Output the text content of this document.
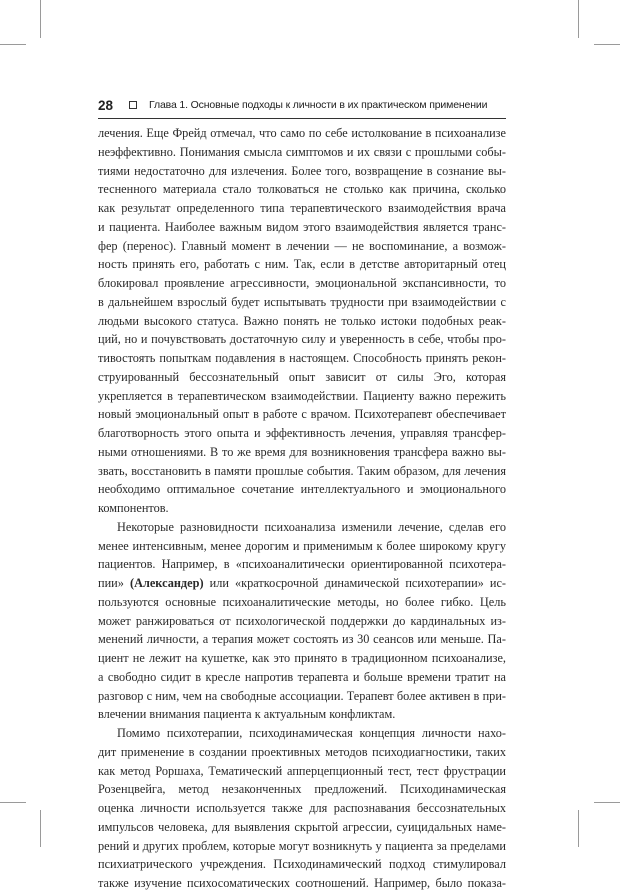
28	Глава 1. Основные подходы к личности в их практическом применении
лечения. Еще Фрейд отмечал, что само по себе истолкование в психоанализе
неэффективно. Понимания смысла симптомов и их связи с прошлыми собы-
тиями недостаточно для излечения. Более того, возвращение в сознание вы-
тесненного материала стало толковаться не столько как причина, сколько
как результат определенного типа терапевтического взаимодействия врача
и пациента. Наиболее важным видом этого взаимодействия является транс-
фер (перенос). Главный момент в лечении — не воспоминание, а возмож-
ность принять его, работать с ним. Так, если в детстве авторитарный отец
блокировал проявление агрессивности, эмоциональной экспансивности, то
в дальнейшем взрослый будет испытывать трудности при взаимодействии с
людьми высокого статуса. Важно понять не только истоки подобных реак-
ций, но и почувствовать достаточную силу и уверенность в себе, чтобы про-
тивостоять попыткам подавления в настоящем. Способность принять рекон-
струированный бессознательный опыт зависит от силы Эго, которая
укрепляется в терапевтическом взаимодействии. Пациенту важно пережить
новый эмоциональный опыт в работе с врачом. Психотерапевт обеспечивает
благотворность этого опыта и эффективность лечения, управляя трансфер-
ными отношениями. В то же время для возникновения трансфера важно вы-
звать, восстановить в памяти прошлые события. Таким образом, для лечения
необходимо оптимальное сочетание интеллектуального и эмоционального
компонентов.
Некоторые разновидности психоанализа изменили лечение, сделав его
менее интенсивным, менее дорогим и применимым к более широкому кругу
пациентов. Например, в «психоаналитически ориентированной психотера-
пии» (Александер) или «краткосрочной динамической психотерапии» ис-
пользуются основные психоаналитические методы, но более гибко. Цель
может ранжироваться от психологической поддержки до кардинальных из-
менений личности, а терапия может состоять из 30 сеансов или меньше. Па-
циент не лежит на кушетке, как это принято в традиционном психоанализе,
а свободно сидит в кресле напротив терапевта и больше времени тратит на
разговор с ним, чем на свободные ассоциации. Терапевт более активен в при-
влечении внимания пациента к актуальным конфликтам.
Помимо психотерапии, психодинамическая концепция личности нахо-
дит применение в создании проективных методов психодиагностики, таких
как метод Роршаха, Тематический апперцепционный тест, тест фрустрации
Розенцвейга, метод незаконченных предложений. Психодинамическая
оценка личности используется также для распознавания бессознательных
импульсов человека, для выявления скрытой агрессии, суицидальных наме-
рений и других проблем, которые могут возникнуть у пациента за пределами
психиатрического учреждения. Психодинамический подход стимулировал
также изучение психосоматических соотношений. Например, было показа-
